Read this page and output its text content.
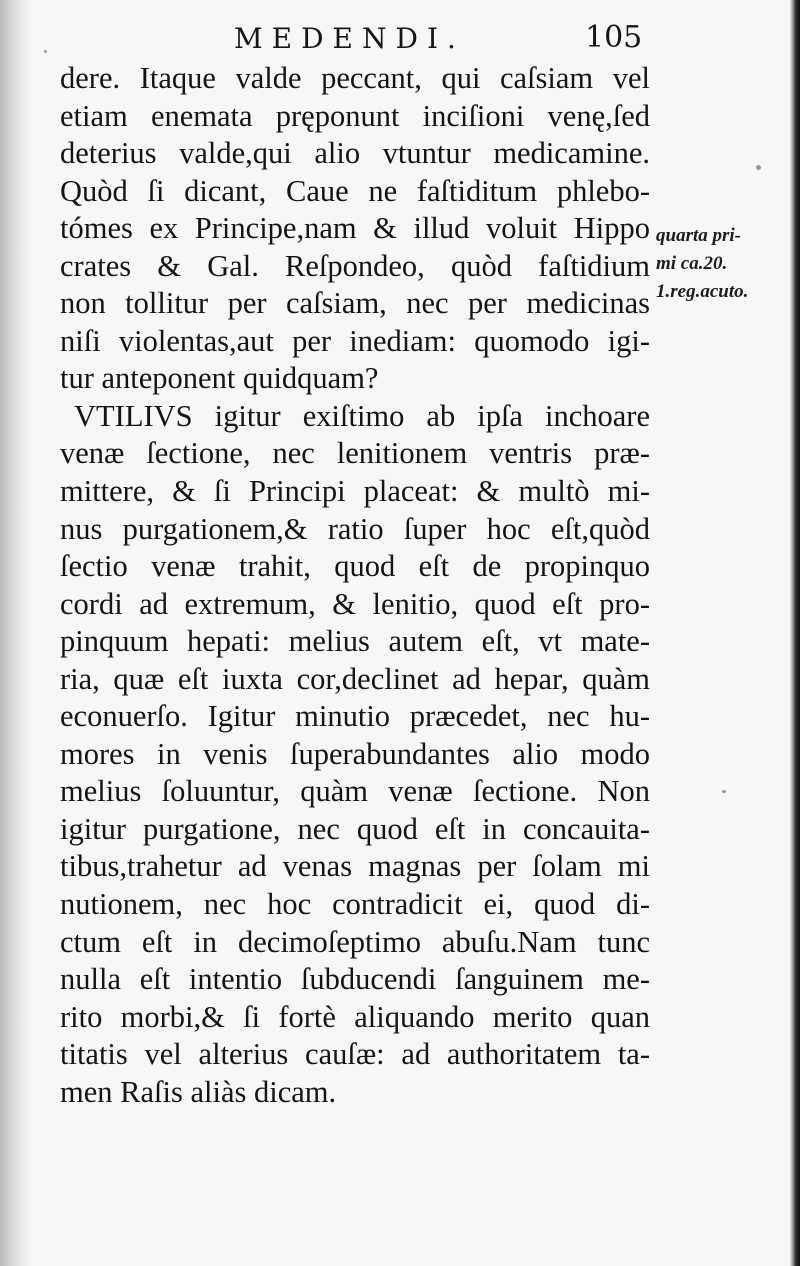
MEDENDI.	105
dere. Itaque valde peccant, qui caſsiam vel
etiam enemata pręponunt inciſioni venę,ſed
deterius valde,qui alio vtuntur medicamine.
Quòd ſi dicant, Caue ne faſtiditum phlebo-
tómes ex Principe,nam & illud voluit Hippo
crates & Gal. Reſpondeo, quòd faſtidium
non tollitur per caſsiam, nec per medicinas
niſi violentas,aut per inediam: quomodo igi-
tur anteponent quidquam?
VTILIVS igitur exiſtimo ab ipſa inchoare
venæ ſectione, nec lenitionem ventris præ-
mittere, & ſi Principi placeat: & multò mi-
nus purgationem,& ratio ſuper hoc eſt,quòd
ſectio venæ trahit, quod eſt de propinquo
cordi ad extremum, & lenitio, quod eſt pro-
pinquum hepati: melius autem eſt, vt mate-
ria, quæ eſt iuxta cor,declinet ad hepar, quàm
econuerſo. Igitur minutio præcedet, nec hu-
mores in venis ſuperabundantes alio modo
melius ſoluuntur, quàm venæ ſectione. Non
igitur purgatione, nec quod eſt in concauita-
tibus,trahetur ad venas magnas per ſolam mi
nutionem, nec hoc contradicit ei, quod di-
ctum eſt in decimoſeptimo abuſu.Nam tunc
nulla eſt intentio ſubducendi ſanguinem me-
rito morbi,& ſi fortè aliquando merito quan
titatis vel alterius cauſæ: ad authoritatem ta-
men Raſis aliàs dicam.
quarta pri-
mi ca.20.
1.reg.acuto.
